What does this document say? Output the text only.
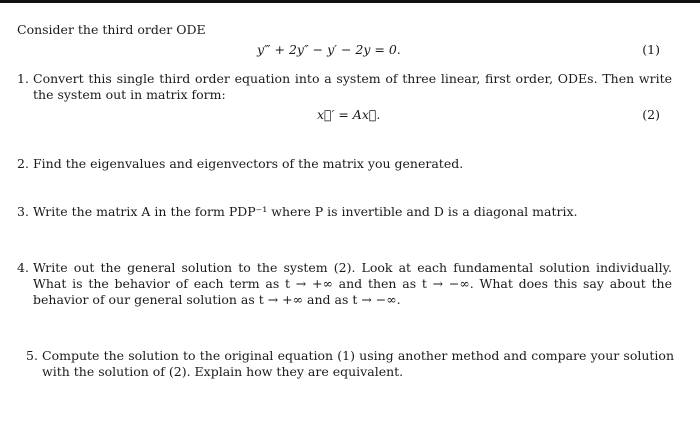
Consider the third order ODE
y‴ + 2y″ − y′ − 2y = 0.	(1)
1. Convert this single third order equation into a system of three linear, first order, ODEs. Then write the system out in matrix form:
x⃗′ = Ax⃗.	(2)
2. Find the eigenvalues and eigenvectors of the matrix you generated.
3. Write the matrix A in the form PDP⁻¹ where P is invertible and D is a diagonal matrix.
4. Write out the general solution to the system (2). Look at each fundamental solution individually. What is the behavior of each term as t → +∞ and then as t → −∞. What does this say about the behavior of our general solution as t → +∞ and as t → −∞.
5. Compute the solution to the original equation (1) using another method and compare your solution with the solution of (2). Explain how they are equivalent.
